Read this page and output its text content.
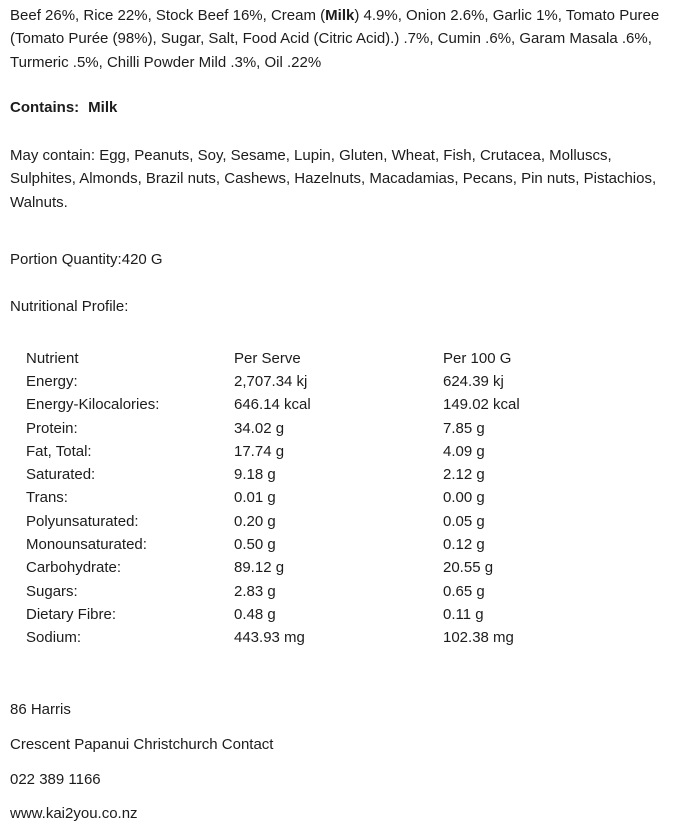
Beef 26%, Rice 22%, Stock Beef 16%, Cream (Milk) 4.9%, Onion 2.6%, Garlic 1%, Tomato Puree (Tomato Purée (98%), Sugar, Salt, Food Acid (Citric Acid).) .7%, Cumin .6%, Garam Masala .6%, Turmeric .5%, Chilli Powder Mild .3%, Oil .22%

Contains: Milk

May contain: Egg, Peanuts, Soy, Sesame, Lupin, Gluten, Wheat, Fish, Crutacea, Molluscs, Sulphites, Almonds, Brazil nuts, Cashews, Hazelnuts, Macadamias, Pecans, Pin nuts, Pistachios, Walnuts.

Portion Quantity:420 G

Nutritional Profile:

Nutrient	Per Serve	Per 100 G
Energy:	2,707.34 kj	624.39 kj
Energy-Kilocalories:	646.14 kcal	149.02 kcal
Protein:	34.02 g	7.85 g
Fat, Total:	17.74 g	4.09 g
Saturated:	9.18 g	2.12 g
Trans:	0.01 g	0.00 g
Polyunsaturated:	0.20 g	0.05 g
Monounsaturated:	0.50 g	0.12 g
Carbohydrate:	89.12 g	20.55 g
Sugars:	2.83 g	0.65 g
Dietary Fibre:	0.48 g	0.11 g
Sodium:	443.93 mg	102.38 mg

86 Harris

Crescent Papanui Christchurch Contact

022 389 1166

www.kai2you.co.nz
